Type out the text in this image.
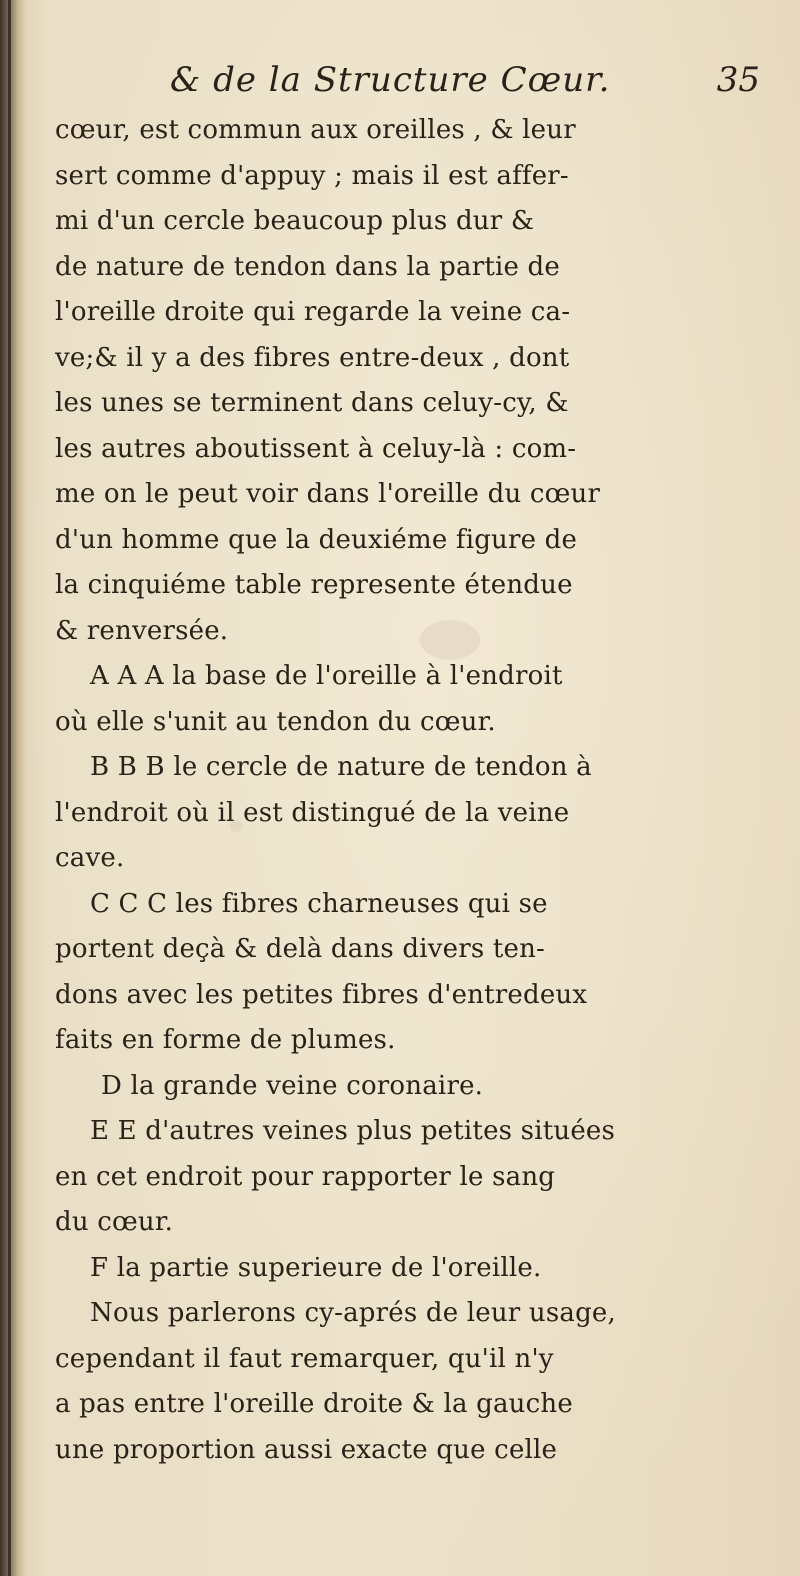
& de la Structure Cœur.	35
cœur, est commun aux oreilles , & leur
sert comme d'appuy ; mais il est affer-
mi d'un cercle beaucoup plus dur &
de nature de tendon dans la partie de
l'oreille droite qui regarde la veine ca-
ve;& il y a des fibres entre-deux , dont
les unes se terminent dans celuy-cy, &
les autres aboutissent à celuy-là : com-
me on le peut voir dans l'oreille du cœur
d'un homme que la deuxiéme figure de
la cinquiéme table represente étendue
& renversée.
A A A la base de l'oreille à l'endroit
où elle s'unit au tendon du cœur.
B B B le cercle de nature de tendon à
l'endroit où il est distingué de la veine
cave.
C C C les fibres charneuses qui se
portent deçà & delà dans divers ten-
dons avec les petites fibres d'entredeux
faits en forme de plumes.
D la grande veine coronaire.
E E d'autres veines plus petites situées
en cet endroit pour rapporter le sang
du cœur.
F la partie superieure de l'oreille.
Nous parlerons cy-aprés de leur usage,
cependant il faut remarquer, qu'il n'y
a pas entre l'oreille droite & la gauche
une proportion aussi exacte que celle
